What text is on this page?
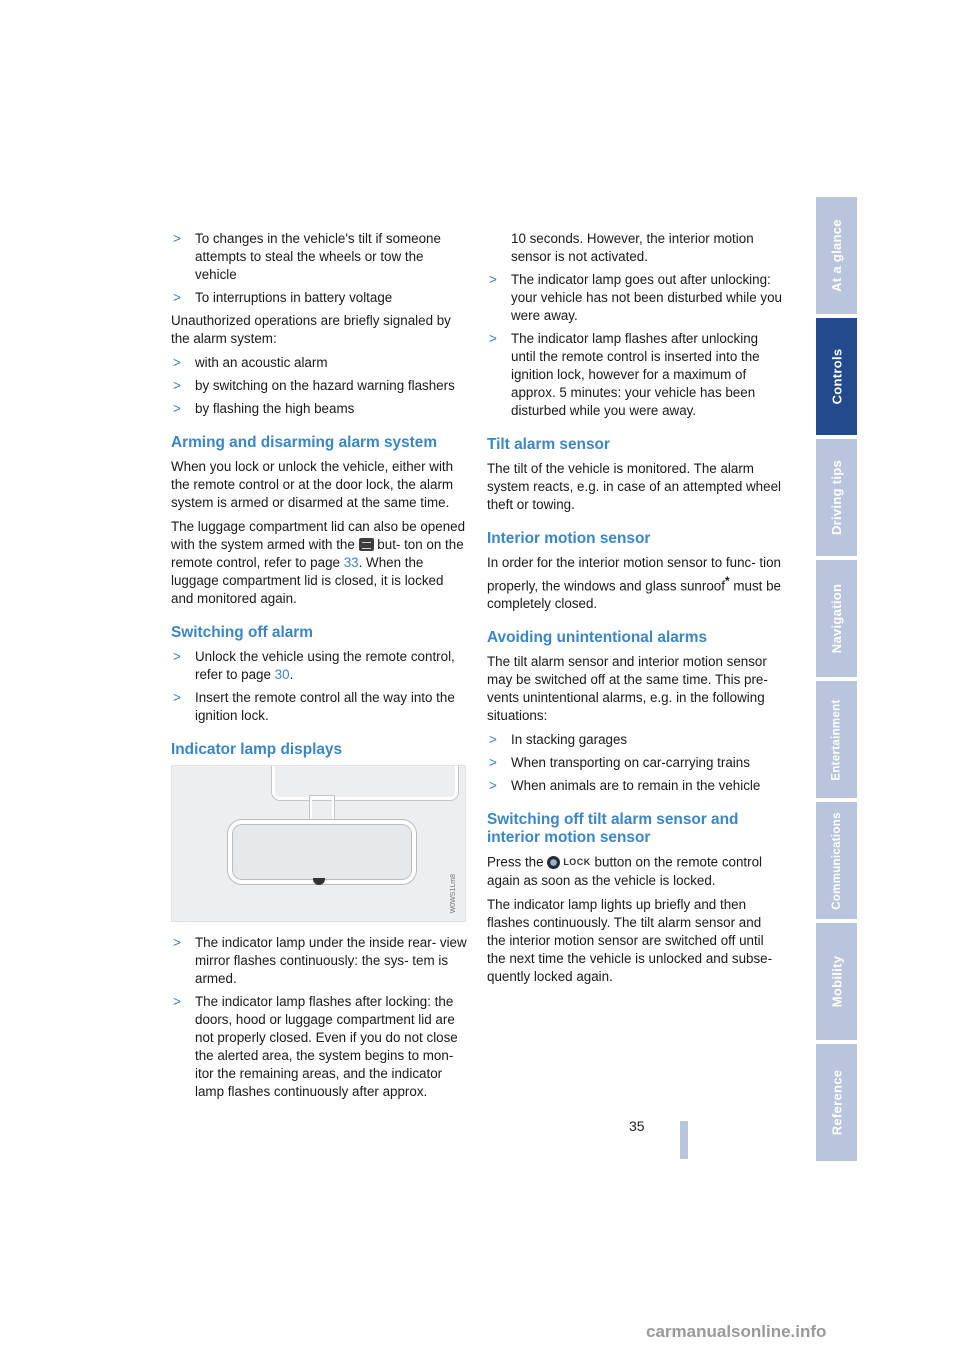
> To changes in the vehicle's tilt if someone attempts to steal the wheels or tow the vehicle
> To interruptions in battery voltage

Unauthorized operations are briefly signaled by the alarm system:

> with an acoustic alarm
> by switching on the hazard warning flashers
> by flashing the high beams
Arming and disarming alarm system

When you lock or unlock the vehicle, either with the remote control or at the door lock, the alarm system is armed or disarmed at the same time.

The luggage compartment lid can also be opened with the system armed with the but- ton on the remote control, refer to page 33. When the luggage compartment lid is closed, it is locked and monitored again.

Switching off alarm
> Unlock the vehicle using the remote control, refer to page 30.
> Insert the remote control all the way into the ignition lock.
Indicator lamp displays
W0WS1Lm8
> The indicator lamp under the inside rear- view mirror flashes continuously: the sys- tem is armed.
> The indicator lamp flashes after locking: the doors, hood or luggage compartment lid are not properly closed. Even if you do not close the alerted area, the system begins to mon- itor the remaining areas, and the indicator lamp flashes continuously after approx.
10 seconds. However, the interior motion sensor is not activated.
> The indicator lamp goes out after unlocking: your vehicle has not been disturbed while you were away.
> The indicator lamp flashes after unlocking until the remote control is inserted into the ignition lock, however for a maximum of approx. 5 minutes: your vehicle has been disturbed while you were away.
Tilt alarm sensor

The tilt of the vehicle is monitored. The alarm system reacts, e.g. in case of an attempted wheel theft or towing.

Interior motion sensor

In order for the interior motion sensor to func- tion properly, the windows and glass sunroof* must be completely closed.

Avoiding unintentional alarms

The tilt alarm sensor and interior motion sensor may be switched off at the same time. This pre- vents unintentional alarms, e.g. in the following situations:

> In stacking garages
> When transporting on car-carrying trains
> When animals are to remain in the vehicle
Switching off tilt alarm sensor and interior motion sensor

Press the LOCK button on the remote control again as soon as the vehicle is locked.

The indicator lamp lights up briefly and then flashes continuously. The tilt alarm sensor and the interior motion sensor are switched off until the next time the vehicle is unlocked and subse- quently locked again.

At a glance
Controls
Driving tips
Navigation
Entertainment
Communications
Mobility
Reference
35
carmanualsonline.info
